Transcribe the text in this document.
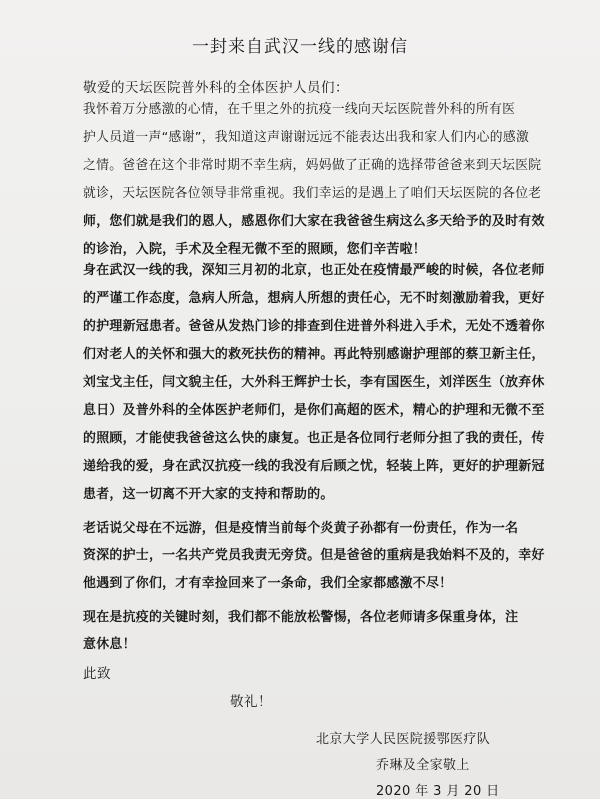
一封来自武汉一线的感谢信
敬爱的天坛医院普外科的全体医护人员们：
我怀着万分感激的心情，在千里之外的抗疫一线向天坛医院普外科的所有医
护人员道一声“感谢”，我知道这声谢谢远远不能表达出我和家人们内心的感激
之情。爸爸在这个非常时期不幸生病，妈妈做了正确的选择带爸爸来到天坛医院
就诊，天坛医院各位领导非常重视。我们幸运的是遇上了咱们天坛医院的各位老
师，您们就是我们的恩人，感恩你们大家在我爸爸生病这么多天给予的及时有效
的诊治，入院，手术及全程无微不至的照顾，您们辛苦啦！
身在武汉一线的我，深知三月初的北京，也正处在疫情最严峻的时候，各位老师
的严谨工作态度，急病人所急，想病人所想的责任心，无不时刻激励着我，更好
的护理新冠患者。爸爸从发热门诊的排查到住进普外科进入手术，无处不透着你
们对老人的关怀和强大的救死扶伤的精神。再此特别感谢护理部的蔡卫新主任，
刘宝戈主任，闫文貌主任，大外科王辉护士长，李有国医生，刘洋医生（放弃休
息日）及普外科的全体医护老师们，是你们高超的医术，精心的护理和无微不至
的照顾，才能使我爸爸这么快的康复。也正是各位同行老师分担了我的责任，传
递给我的爱，身在武汉抗疫一线的我没有后顾之忧，轻装上阵，更好的护理新冠
患者，这一切离不开大家的支持和帮助的。
老话说父母在不远游，但是疫情当前每个炎黄子孙都有一份责任，作为一名
资深的护士，一名共产党员我责无旁贷。但是爸爸的重病是我始料不及的，幸好
他遇到了你们，才有幸捡回来了一条命，我们全家都感激不尽！
现在是抗疫的关键时刻，我们都不能放松警惕，各位老师请多保重身体，注
意休息！
此致
敬礼！
北京大学人民医院援鄂医疗队
乔琳及全家敬上
2020 年 3 月 20 日
